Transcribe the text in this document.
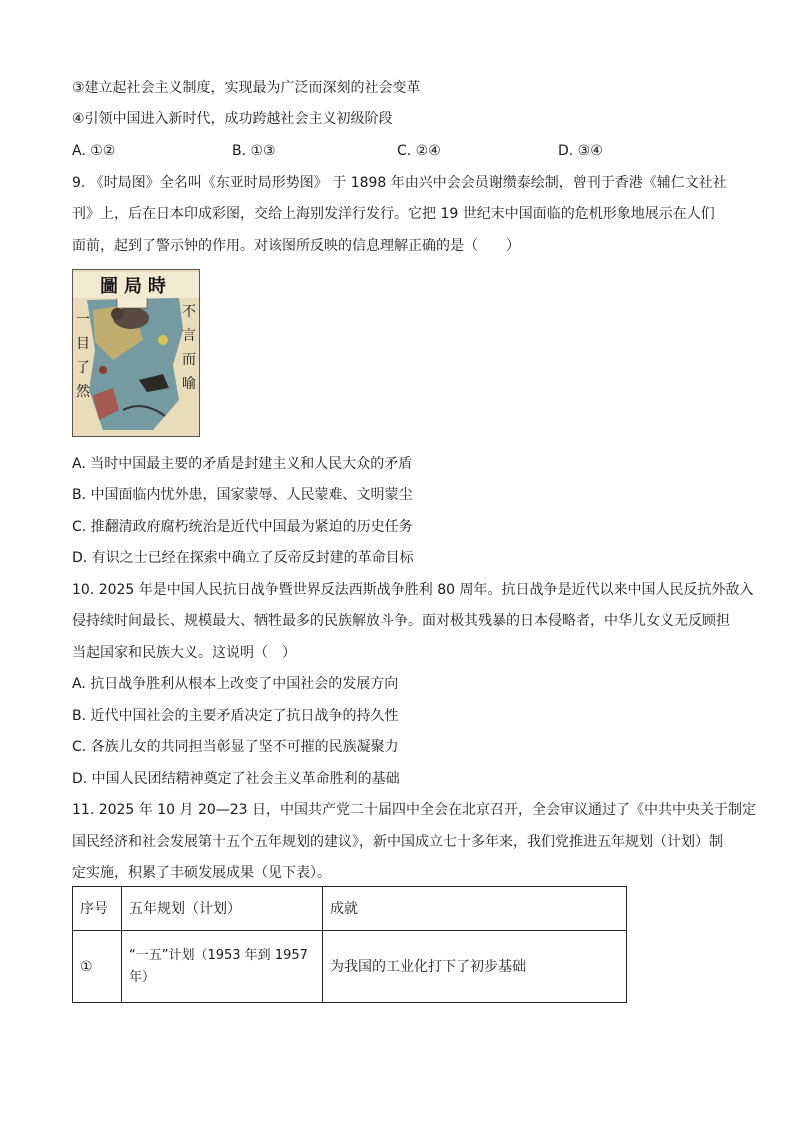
③建立起社会主义制度，实现最为广泛而深刻的社会变革
④引领中国进入新时代，成功跨越社会主义初级阶段
A. ①②	B. ①③	C. ②④	D. ③④
9. 《时局图》全名叫《东亚时局形势图》 于 1898 年由兴中会会员谢缵泰绘制，曾刊于香港《辅仁文社社
刊》上，后在日本印成彩图，交给上海别发洋行发行。它把 19 世纪末中国面临的危机形象地展示在人们
面前，起到了警示钟的作用。对该图所反映的信息理解正确的是（　　）
圖局時
不
言
而
喻
一
目
了
然
A. 当时中国最主要的矛盾是封建主义和人民大众的矛盾
B. 中国面临内忧外患，国家蒙辱、人民蒙难、文明蒙尘
C. 推翻清政府腐朽统治是近代中国最为紧迫的历史任务
D. 有识之士已经在探索中确立了反帝反封建的革命目标
10. 2025 年是中国人民抗日战争暨世界反法西斯战争胜利 80 周年。抗日战争是近代以来中国人民反抗外敌入
侵持续时间最长、规模最大、牺牲最多的民族解放斗争。面对极其残暴的日本侵略者，中华儿女义无反顾担
当起国家和民族大义。这说明（　）
A. 抗日战争胜利从根本上改变了中国社会的发展方向
B. 近代中国社会的主要矛盾决定了抗日战争的持久性
C. 各族儿女的共同担当彰显了坚不可摧的民族凝聚力
D. 中国人民团结精神奠定了社会主义革命胜利的基础
11. 2025 年 10 月 20—23 日，中国共产党二十届四中全会在北京召开，全会审议通过了《中共中央关于制定
国民经济和社会发展第十五个五年规划的建议》，新中国成立七十多年来，我们党推进五年规划（计划）制
定实施，积累了丰硕发展成果（见下表）。
序号	五年规划（计划）	成就
①	“一五”计划（1953 年到 1957 年）	为我国的工业化打下了初步基础
